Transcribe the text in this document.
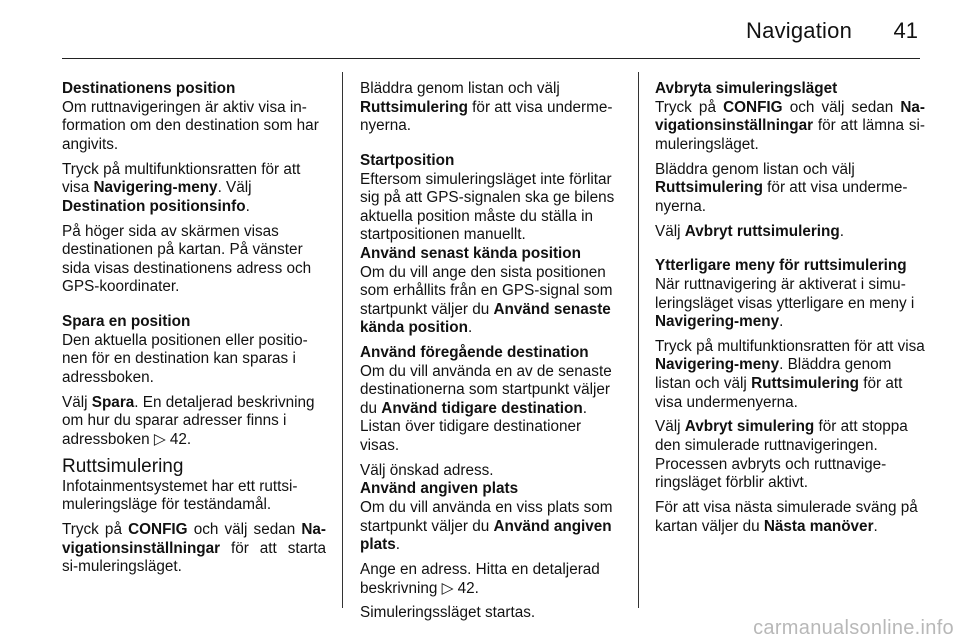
Navigation 41

Destinationens position

Om ruttnavigeringen är aktiv visa in-formation om den destination som har angivits.

Tryck på multifunktionsratten för att visa Navigering-meny. Välj
Destination positionsinfo.

På höger sida av skärmen visas destinationen på kartan. På vänster sida visas destinationens adress och GPS-koordinater.

Spara en position

Den aktuella positionen eller positio-nen för en destination kan sparas i adressboken.

Välj Spara. En detaljerad beskrivning om hur du sparar adresser finns i adressboken ▷ 42.

Ruttsimulering

Infotainmentsystemet har ett ruttsi-muleringsläge för teständamål.

Tryck på CONFIG och välj sedan Na-vigationsinställningar för att starta si-muleringsläget.

Bläddra genom listan och välj Ruttsimulering för att visa underme-nyerna.

Startposition

Eftersom simuleringsläget inte förlitar sig på att GPS-signalen ska ge bilens aktuella position måste du ställa in startpositionen manuellt.

Använd senast kända position

Om du vill ange den sista positionen som erhållits från en GPS-signal som startpunkt väljer du Använd senaste kända position.

Använd föregående destination

Om du vill använda en av de senaste destinationerna som startpunkt väljer du Använd tidigare destination. Listan över tidigare destinationer visas.

Välj önskad adress.

Använd angiven plats

Om du vill använda en viss plats som startpunkt väljer du Använd angiven plats.

Ange en adress. Hitta en detaljerad beskrivning ▷ 42.

Simuleringssläget startas.

Avbryta simuleringsläget

Tryck på CONFIG och välj sedan Na-vigationsinställningar för att lämna si-muleringsläget.

Bläddra genom listan och välj Ruttsimulering för att visa underme-nyerna.

Välj Avbryt ruttsimulering.

Ytterligare meny för ruttsimulering

När ruttnavigering är aktiverat i simu-leringsläget visas ytterligare en meny i Navigering-meny.

Tryck på multifunktionsratten för att visa Navigering-meny. Bläddra genom listan och välj Ruttsimulering för att visa undermenyerna.

Välj Avbryt simulering för att stoppa den simulerade ruttnavigeringen. Processen avbryts och ruttnavige-ringsläget förblir aktivt.

För att visa nästa simulerade sväng på kartan väljer du Nästa manöver.

carmanualsonline.info
